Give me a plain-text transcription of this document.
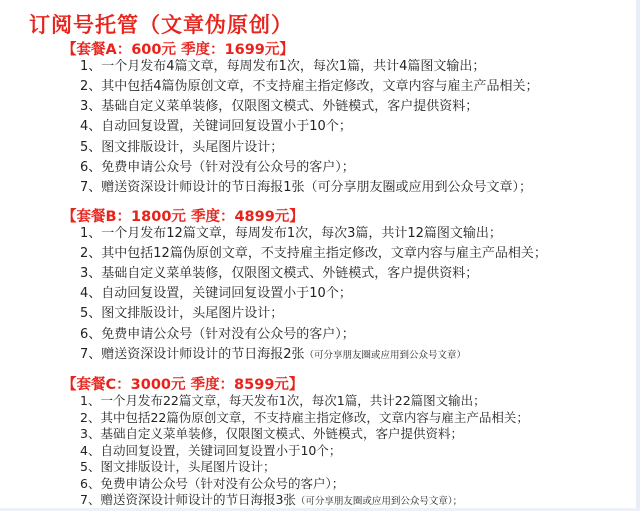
订阅号托管（文章伪原创）
【套餐A：600元 季度：1699元】
1、一个月发布4篇文章，每周发布1次，每次1篇，共计4篇图文输出；
2、其中包括4篇伪原创文章，不支持雇主指定修改，文章内容与雇主产品相关；
3、基础自定义菜单装修，仅限图文模式、外链模式，客户提供资料；
4、自动回复设置，关键词回复设置小于10个；
5、图文排版设计，头尾图片设计；
6、免费申请公众号（针对没有公众号的客户）；
7、赠送资深设计师设计的节日海报1张（可分享朋友圈或应用到公众号文章）；
【套餐B：1800元 季度：4899元】
1、一个月发布12篇文章，每周发布1次，每次3篇，共计12篇图文输出；
2、其中包括12篇伪原创文章，不支持雇主指定修改，文章内容与雇主产品相关；
3、基础自定义菜单装修，仅限图文模式、外链模式，客户提供资料；
4、自动回复设置，关键词回复设置小于10个；
5、图文排版设计，头尾图片设计；
6、免费申请公众号（针对没有公众号的客户）；
7、赠送资深设计师设计的节日海报2张（可分享朋友圈或应用到公众号文章）
【套餐C：3000元 季度：8599元】
1、一个月发布22篇文章，每天发布1次，每次1篇，共计22篇图文输出；
2、其中包括22篇伪原创文章，不支持雇主指定修改，文章内容与雇主产品相关；
3、基础自定义菜单装修，仅限图文模式、外链模式，客户提供资料；
4、自动回复设置，关键词回复设置小于10个；
5、图文排版设计，头尾图片设计；
6、免费申请公众号（针对没有公众号的客户）；
7、赠送资深设计师设计的节日海报3张（可分享朋友圈或应用到公众号文章）；
